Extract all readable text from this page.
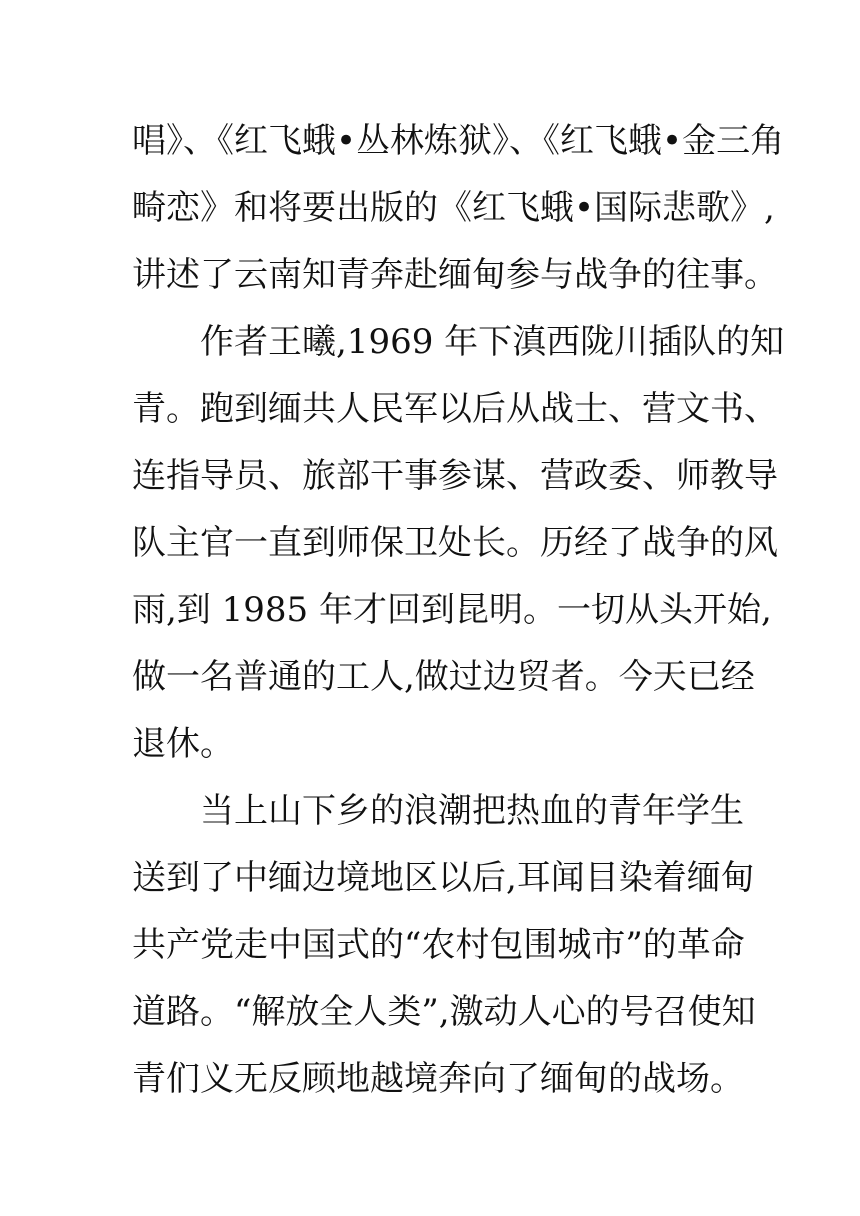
唱》、《红飞蛾•丛林炼狱》、《红飞蛾•金三角
畸恋》和将要出版的《红飞蛾•国际悲歌》,
讲述了云南知青奔赴缅甸参与战争的往事。
作者王曦,1969 年下滇西陇川插队的知
青。跑到缅共人民军以后从战士、营文书、
连指导员、旅部干事参谋、营政委、师教导
队主官一直到师保卫处长。历经了战争的风
雨,到 1985 年才回到昆明。一切从头开始,
做一名普通的工人,做过边贸者。今天已经
退休。
当上山下乡的浪潮把热血的青年学生
送到了中缅边境地区以后,耳闻目染着缅甸
共产党走中国式的“农村包围城市”的革命
道路。“解放全人类”,激动人心的号召使知
青们义无反顾地越境奔向了缅甸的战场。
